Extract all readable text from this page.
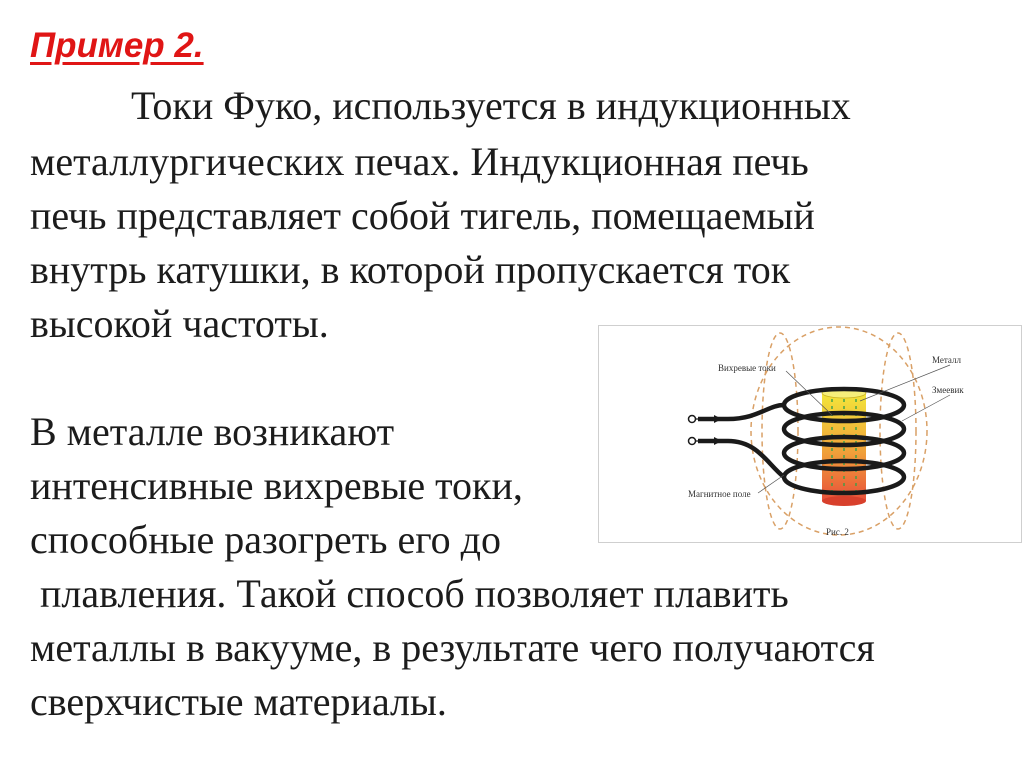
Пример 2.
Токи Фуко, используется в индукционных
металлургических печах. Индукционная печь
печь представляет собой тигель, помещаемый
внутрь катушки, в которой пропускается ток
высокой частоты.
В металле возникают
интенсивные вихревые токи,
способные разогреть его до
плавления. Такой способ позволяет плавить
металлы в вакууме, в результате чего получаются
сверхчистые материалы.
Вихревые токи
Металл
Змеевик
Магнитное поле
Рис. 2
